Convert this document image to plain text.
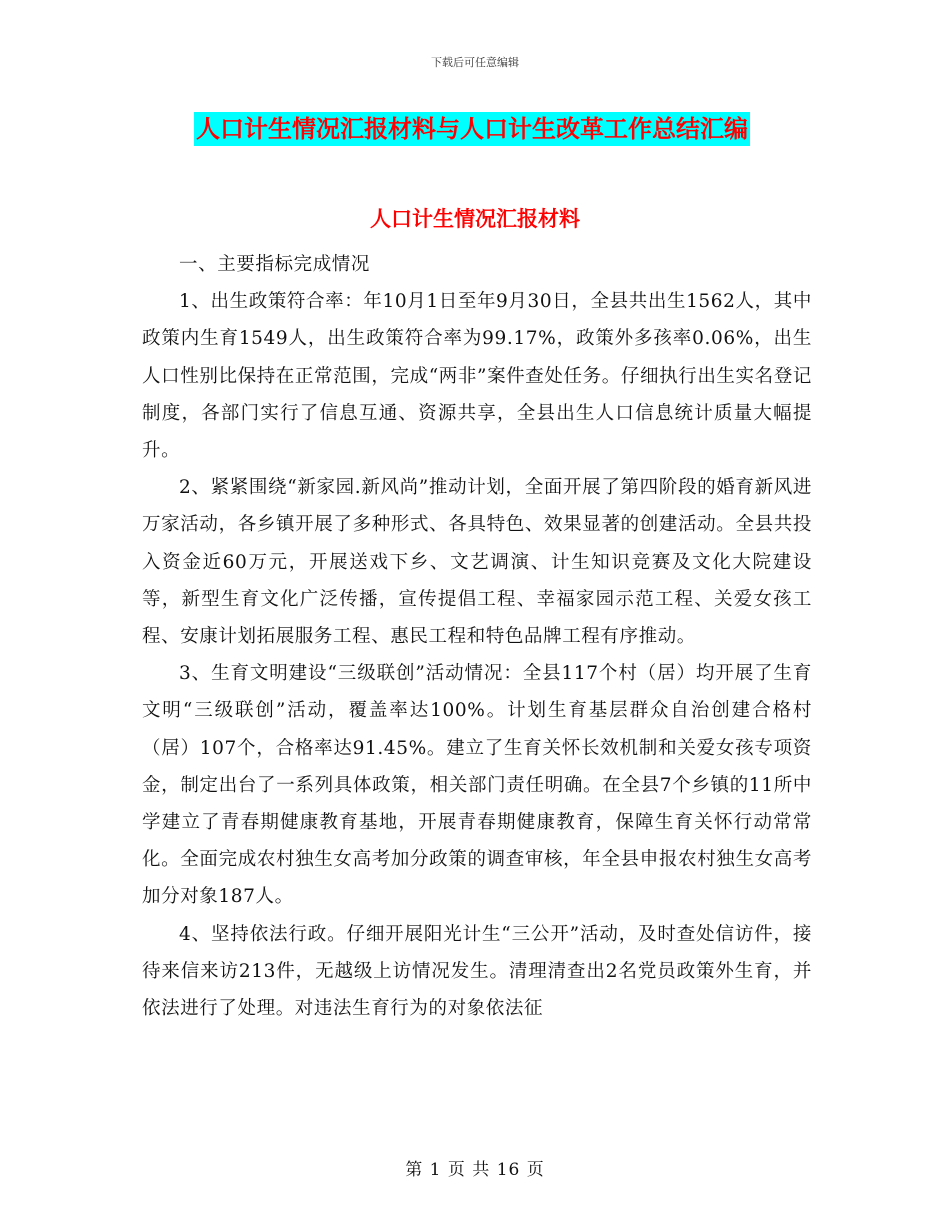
下载后可任意编辑
人口计生情况汇报材料与人口计生改革工作总结汇编
人口计生情况汇报材料

一、主要指标完成情况

1、出生政策符合率：年10月1日至年9月30日，全县共出生1562人，其中政策内生育1549人，出生政策符合率为99.17%，政策外多孩率0.06%，出生人口性别比保持在正常范围，完成“两非”案件查处任务。仔细执行出生实名登记制度，各部门实行了信息互通、资源共享，全县出生人口信息统计质量大幅提升。

2、紧紧围绕“新家园.新风尚”推动计划，全面开展了第四阶段的婚育新风进万家活动，各乡镇开展了多种形式、各具特色、效果显著的创建活动。全县共投入资金近60万元，开展送戏下乡、文艺调演、计生知识竞赛及文化大院建设等，新型生育文化广泛传播，宣传提倡工程、幸福家园示范工程、关爱女孩工程、安康计划拓展服务工程、惠民工程和特色品牌工程有序推动。

3、生育文明建设“三级联创”活动情况：全县117个村（居）均开展了生育文明“三级联创”活动，覆盖率达100%。计划生育基层群众自治创建合格村（居）107个，合格率达91.45%。建立了生育关怀长效机制和关爱女孩专项资金，制定出台了一系列具体政策，相关部门责任明确。在全县7个乡镇的11所中学建立了青春期健康教育基地，开展青春期健康教育，保障生育关怀行动常常化。全面完成农村独生女高考加分政策的调查审核，年全县申报农村独生女高考加分对象187人。

4、坚持依法行政。仔细开展阳光计生“三公开”活动，及时查处信访件，接待来信来访213件，无越级上访情况发生。清理清查出2名党员政策外生育，并依法进行了处理。对违法生育行为的对象依法征

第 1 页 共 16 页
